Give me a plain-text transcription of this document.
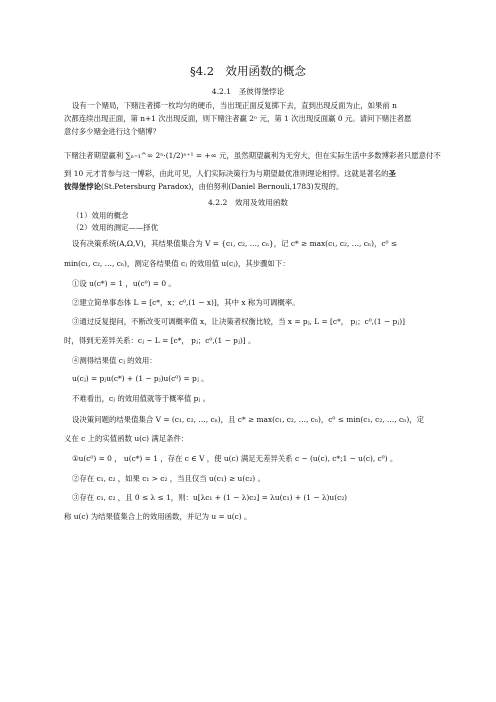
§4.2　效用函数的概念
4.2.1　圣彼得堡悖论
设有一个赌局，下赌注者掷一枚均匀的硬币，当出现正面反复掷下去，直到出现反面为止，如果前 n
次都连续出现正面，第 n+1 次出现反面，则下赌注者赢 2ⁿ 元，第 1 次出现反面赢 0 元。请问下赌注者愿
意付多少赌金进行这个赌博？
下赌注者期望赢利 ∑ₙ₌₁^∞ 2ⁿ·(1/2)ⁿ⁺¹ = +∞ 元，虽然期望赢利为无穷大，但在实际生活中多数博彩者只愿意付不
到 10 元才肯参与这一博彩，由此可见，人们实际决策行为与期望最优准则理论相悖。这就是著名的圣
彼得堡悖论(St.Petersburg Paradox)，由伯努利(Daniel Bernouli,1783)发现的。
4.2.2　效用及效用函数
（1）效用的概念
（2）效用的测定——择优
设有决策系统(A,Ω,V)，其结果值集合为 V = {c₁, c₂, …, cₙ}，记 c* ≥ max(c₁, c₂, …, cₙ)，c⁰ ≤
min(c₁, c₂, …, cₙ)，测定各结果值 cⱼ 的效用值 u(cⱼ)，其步骤如下：
①设 u(c*) = 1 ，u(c⁰) = 0 。
②建立简单事态体 L = [c*，x；c⁰,(1 − x)]，其中 x 称为可调概率。
③通过反复提问，不断改变可调概率值 x，让决策者权衡比较，当 x = pⱼ, L = [c*， pⱼ；c⁰,(1 − pⱼ)]
时，得到无差异关系：cⱼ ~ L = [c*， pⱼ；c⁰,(1 − pⱼ)] 。
④测得结果值 cⱼ 的效用：
u(cⱼ) = pⱼu(c*) + (1 − pⱼ)u(c⁰) = pⱼ 。
不难看出，cⱼ 的效用值就等于概率值 pⱼ 。
设决策问题的结果值集合 V = (c₁, c₂, …, cₙ)，且 c* ≥ max(c₁, c₂, …, cₙ)，c⁰ ≤ min(c₁, c₂, …, cₙ)，定
义在 c 上的实值函数 u(c) 满足条件：
①u(c⁰) = 0 ， u(c*) = 1 ，存在 c ∈ V ，使 u(c) 满足无差异关系 c ~ (u(c), c*;1 − u(c), c⁰) 。
②存在 c₁, c₂ ，如果 c₁ > c₂ ，当且仅当 u(c₁) ≥ u(c₂) 。
③存在 c₁, c₂ ，且 0 ≤ λ ≤ 1，则：u[λc₁ + (1 − λ)c₂] = λu(c₁) + (1 − λ)u(c₂)
称 u(c) 为结果值集合上的效用函数，并记为 u = u(c) 。
